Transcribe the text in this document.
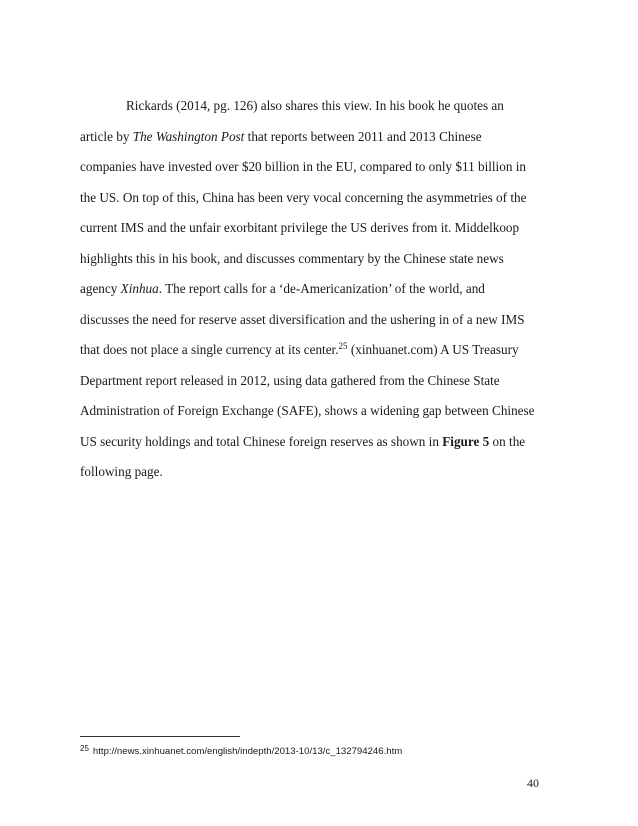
Rickards (2014, pg. 126) also shares this view. In his book he quotes an
article by The Washington Post that reports between 2011 and 2013 Chinese
companies have invested over $20 billion in the EU, compared to only $11 billion in
the US. On top of this, China has been very vocal concerning the asymmetries of the
current IMS and the unfair exorbitant privilege the US derives from it. Middelkoop
highlights this in his book, and discusses commentary by the Chinese state news
agency Xinhua. The report calls for a ‘de-Americanization’ of the world, and
discusses the need for reserve asset diversification and the ushering in of a new IMS
that does not place a single currency at its center.$^{25}$ (xinhuanet.com) A US Treasury
Department report released in 2012, using data gathered from the Chinese State
Administration of Foreign Exchange (SAFE), shows a widening gap between Chinese
US security holdings and total Chinese foreign reserves as shown in Figure 5 on the
following page.
$^{25}$ http://news.xinhuanet.com/english/indepth/2013-10/13/c_132794246.htm
40
